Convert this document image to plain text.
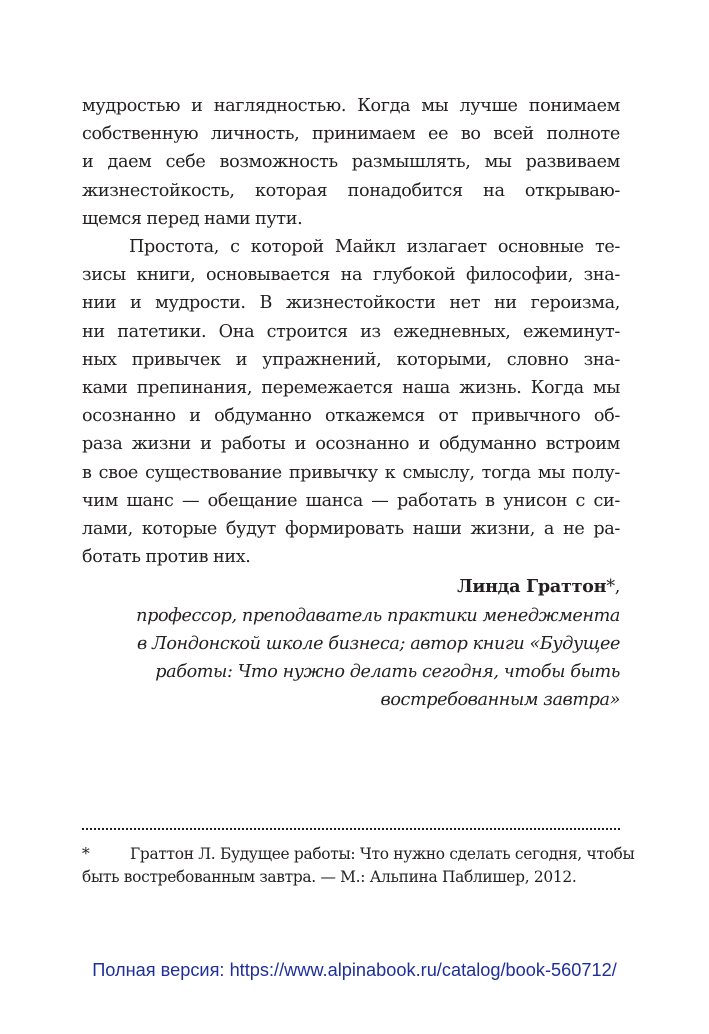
мудростью и наглядностью. Когда мы лучше понимаем
собственную личность, принимаем ее во всей полноте
и даем себе возможность размышлять, мы развиваем
жизнестойкость, которая понадобится на открываю-
щемся перед нами пути.

Простота, с которой Майкл излагает основные те-
зисы книги, основывается на глубокой философии, зна-
нии и мудрости. В жизнестойкости нет ни героизма,
ни патетики. Она строится из ежедневных, ежеминут-
ных привычек и упражнений, которыми, словно зна-
ками препинания, перемежается наша жизнь. Когда мы
осознанно и обдуманно откажемся от привычного об-
раза жизни и работы и осознанно и обдуманно встроим
в свое существование привычку к смыслу, тогда мы полу-
чим шанс — обещание шанса — работать в унисон с си-
лами, которые будут формировать наши жизни, а не ра-
ботать против них.

Линда Граттон*,
профессор, преподаватель практики менеджмента
в Лондонской школе бизнеса; автор книги «Будущее
работы: Что нужно делать сегодня, чтобы быть
востребованным завтра»
*	Граттон Л. Будущее работы: Что нужно сделать сегодня, чтобы
быть востребованным завтра. — М.: Альпина Паблишер, 2012.
Полная версия: https://www.alpinabook.ru/catalog/book-560712/
